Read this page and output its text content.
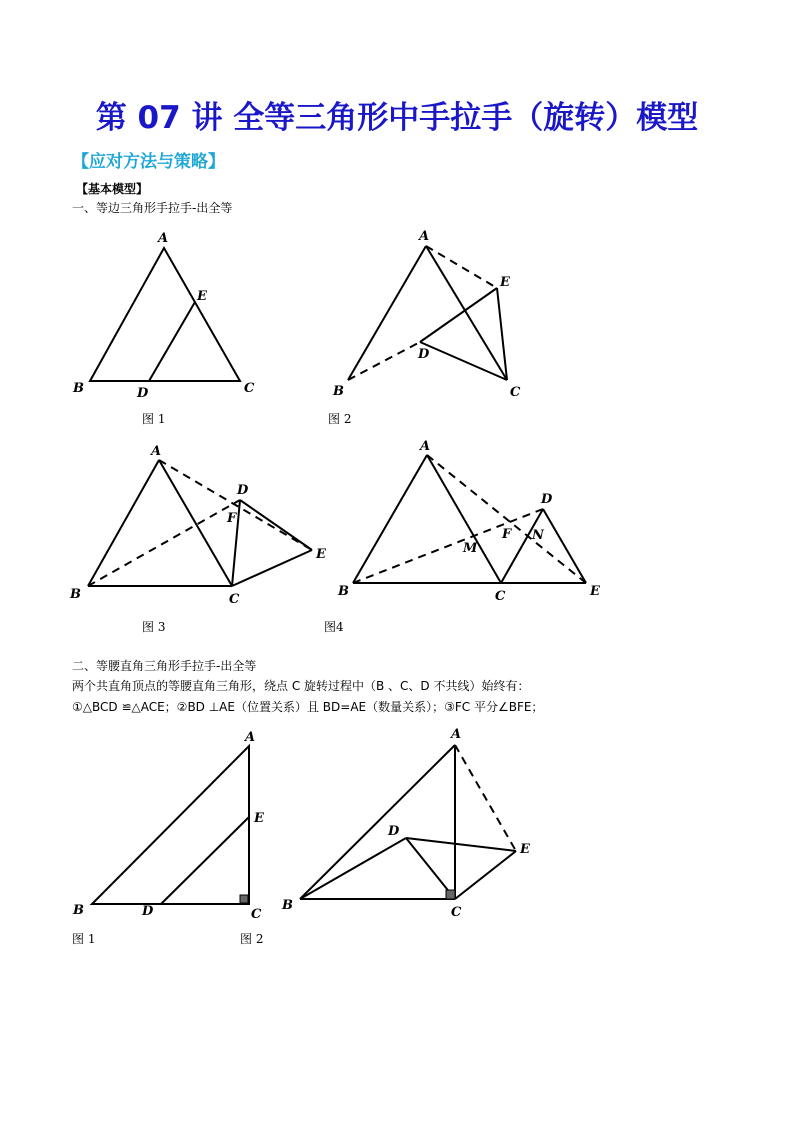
第 07 讲 全等三角形中手拉手（旋转）模型
【应对方法与策略】
【基本模型】
一、等边三角形手拉手-出全等
图 1	图 2
图 3	图4
二、等腰直角三角形手拉手-出全等
两个共直角顶点的等腰直角三角形，绕点 C 旋转过程中（B 、C、D 不共线）始终有：
①△BCD ≌△ACE；②BD ⊥AE（位置关系）且 BD=AE（数量关系）；③FC 平分∠BFE；
图 1	图 2
A
B	C
D
E
A
B	C
D
E
A
B	C
D
E
F
A
B	C
D
E
F
M
N
A
B	C
D
E
A
B	C
D
E
